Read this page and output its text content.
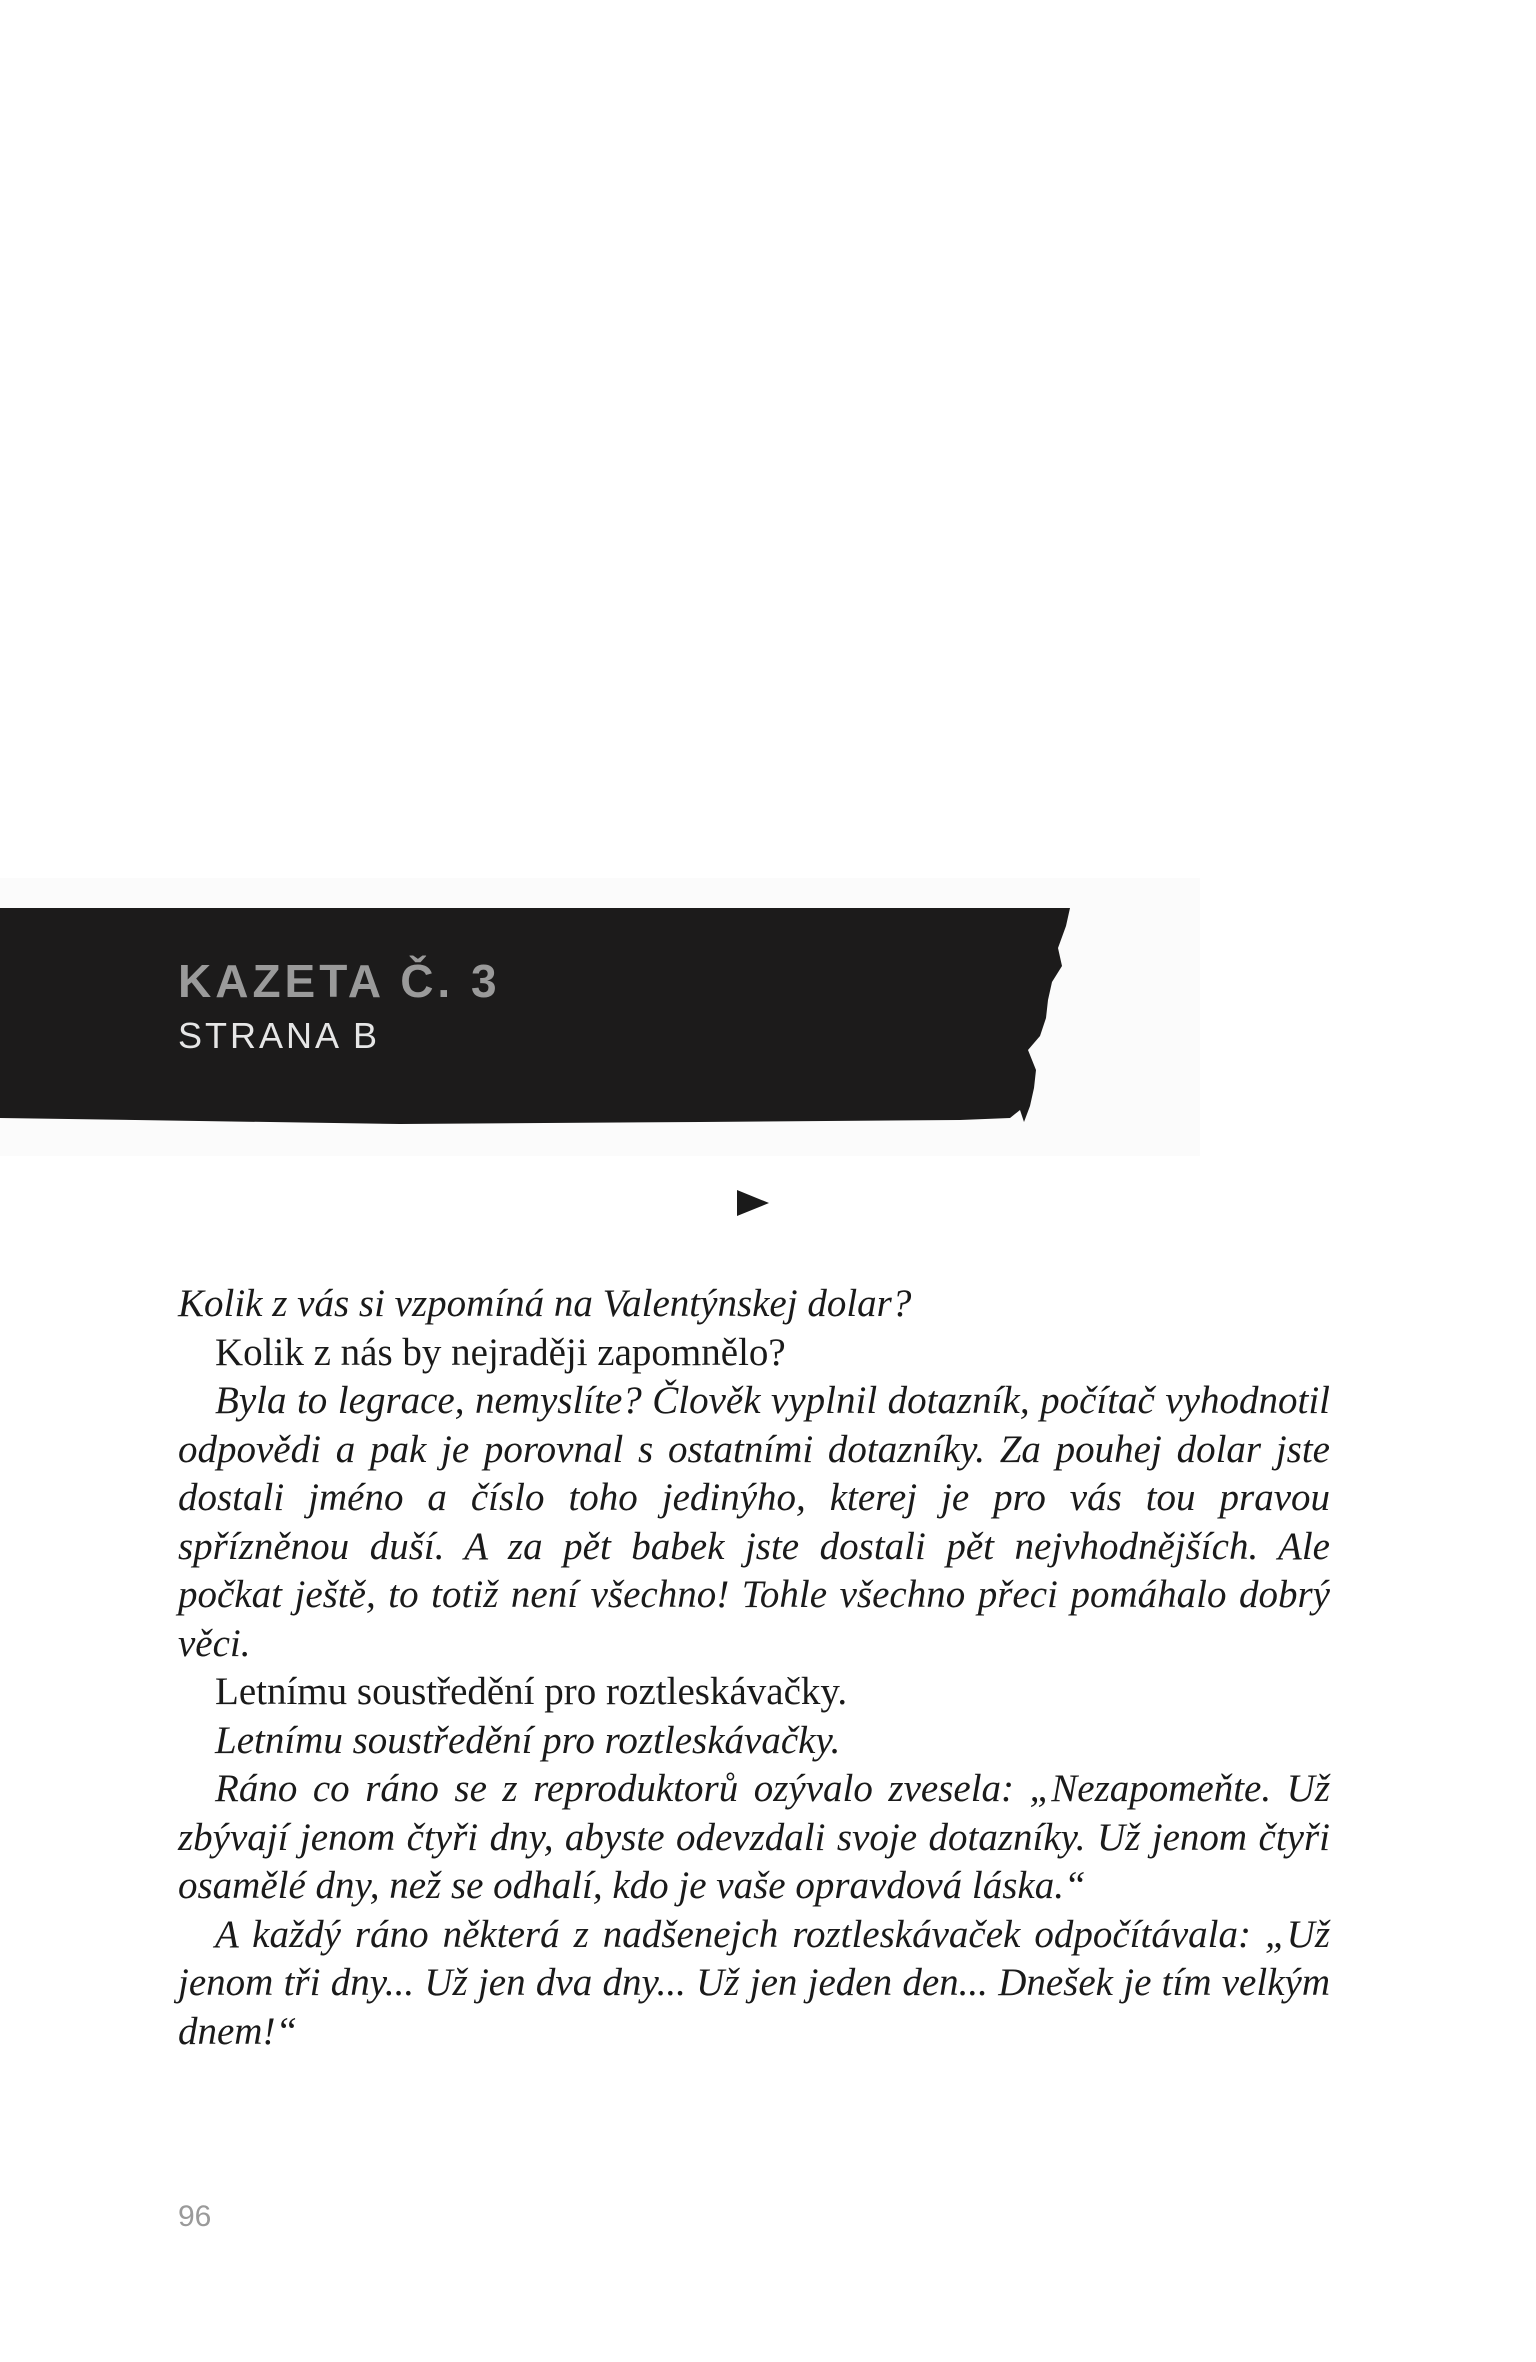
KAZETA Č. 3
STRANA B

Kolik z vás si vzpomíná na Valentýnskej dolar?

Kolik z nás by nejraději zapomnělo?

Byla to legrace, nemyslíte? Člověk vyplnil dotazník, počítač vyhodnotil odpovědi a pak je porovnal s ostatními dotazníky. Za pouhej dolar jste dostali jméno a číslo toho jedinýho, kterej je pro vás tou pravou spřízněnou duší. A za pět babek jste dostali pět nejvhodnějších. Ale počkat ještě, to totiž není všechno! Tohle všechno přeci pomáhalo dobrý věci.

Letnímu soustředění pro roztleskávačky.

Letnímu soustředění pro roztleskávačky.

Ráno co ráno se z reproduktorů ozývalo zvesela: „Nezapomeňte. Už zbývají jenom čtyři dny, abyste odevzdali svoje dotazníky. Už jenom čtyři osamělé dny, než se odhalí, kdo je vaše opravdová láska.“

A každý ráno některá z nadšenejch roztleskávaček odpočítávala: „Už jenom tři dny... Už jen dva dny... Už jen jeden den... Dnešek je tím velkým dnem!“

96
